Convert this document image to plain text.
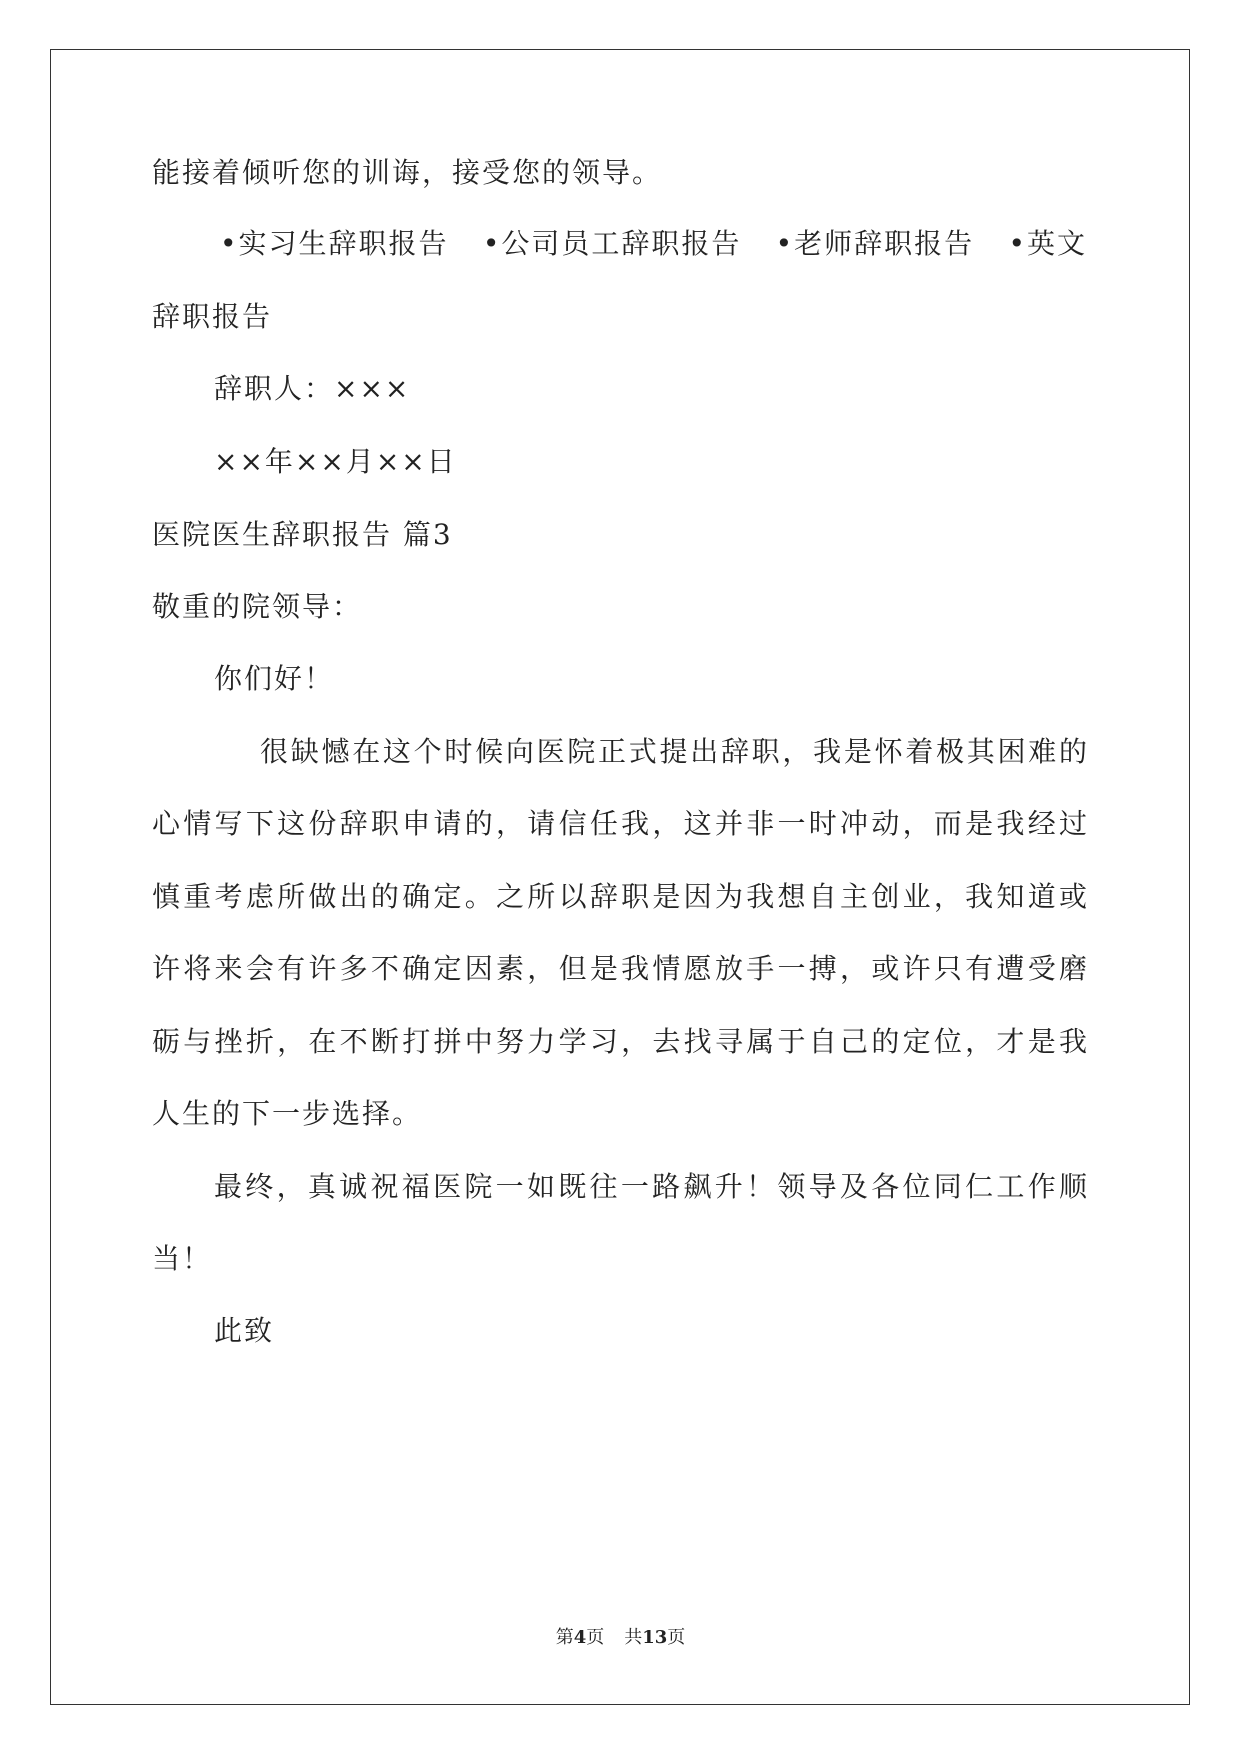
能接着倾听您的训诲，接受您的领导。
•实习生辞职报告 •公司员工辞职报告 •老师辞职报告 •英文
辞职报告
辞职人：×××
××年××月××日
医院医生辞职报告 篇3
敬重的院领导：
你们好！
很缺憾在这个时候向医院正式提出辞职，我是怀着极其困难的
心情写下这份辞职申请的，请信任我，这并非一时冲动，而是我经过
慎重考虑所做出的确定。之所以辞职是因为我想自主创业，我知道或
许将来会有许多不确定因素，但是我情愿放手一搏，或许只有遭受磨
砺与挫折，在不断打拼中努力学习，去找寻属于自己的定位，才是我
人生的下一步选择。
最终，真诚祝福医院一如既往一路飙升！领导及各位同仁工作顺
当！
此致
第4页 共13页
